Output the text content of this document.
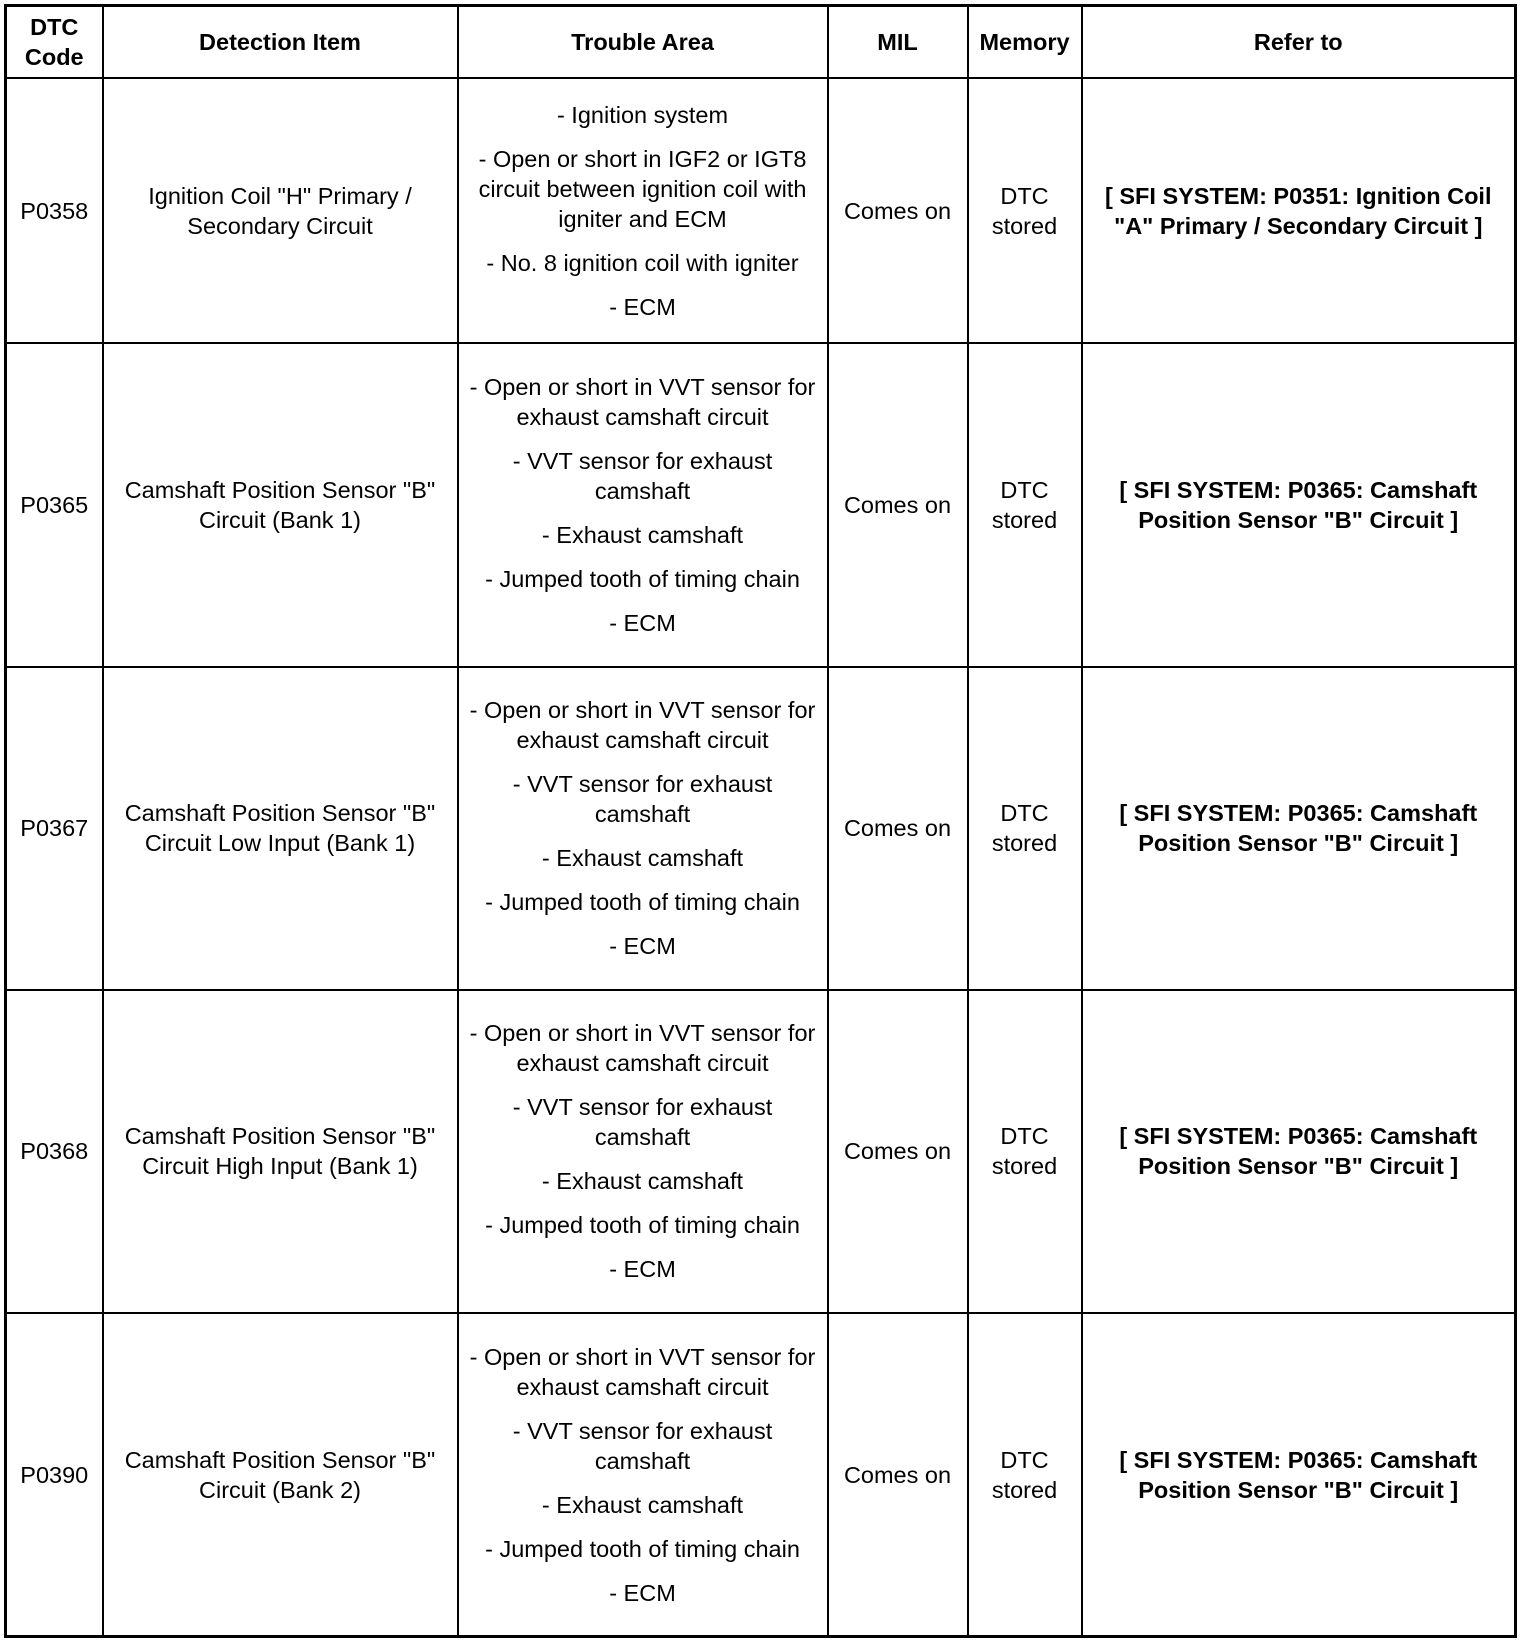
DTC Code	Detection Item	Trouble Area	MIL	Memory	Refer to
P0358	Ignition Coil "H" Primary / Secondary Circuit	- Ignition system
- Open or short in IGF2 or IGT8 circuit between ignition coil with igniter and ECM
- No. 8 ignition coil with igniter
- ECM	Comes on	DTC stored	[ SFI SYSTEM: P0351: Ignition Coil "A" Primary / Secondary Circuit ]
P0365	Camshaft Position Sensor "B" Circuit (Bank 1)	- Open or short in VVT sensor for exhaust camshaft circuit
- VVT sensor for exhaust camshaft
- Exhaust camshaft
- Jumped tooth of timing chain
- ECM	Comes on	DTC stored	[ SFI SYSTEM: P0365: Camshaft Position Sensor "B" Circuit ]
P0367	Camshaft Position Sensor "B" Circuit Low Input (Bank 1)	- Open or short in VVT sensor for exhaust camshaft circuit
- VVT sensor for exhaust camshaft
- Exhaust camshaft
- Jumped tooth of timing chain
- ECM	Comes on	DTC stored	[ SFI SYSTEM: P0365: Camshaft Position Sensor "B" Circuit ]
P0368	Camshaft Position Sensor "B" Circuit High Input (Bank 1)	- Open or short in VVT sensor for exhaust camshaft circuit
- VVT sensor for exhaust camshaft
- Exhaust camshaft
- Jumped tooth of timing chain
- ECM	Comes on	DTC stored	[ SFI SYSTEM: P0365: Camshaft Position Sensor "B" Circuit ]
P0390	Camshaft Position Sensor "B" Circuit (Bank 2)	- Open or short in VVT sensor for exhaust camshaft circuit
- VVT sensor for exhaust camshaft
- Exhaust camshaft
- Jumped tooth of timing chain
- ECM	Comes on	DTC stored	[ SFI SYSTEM: P0365: Camshaft Position Sensor "B" Circuit ]
